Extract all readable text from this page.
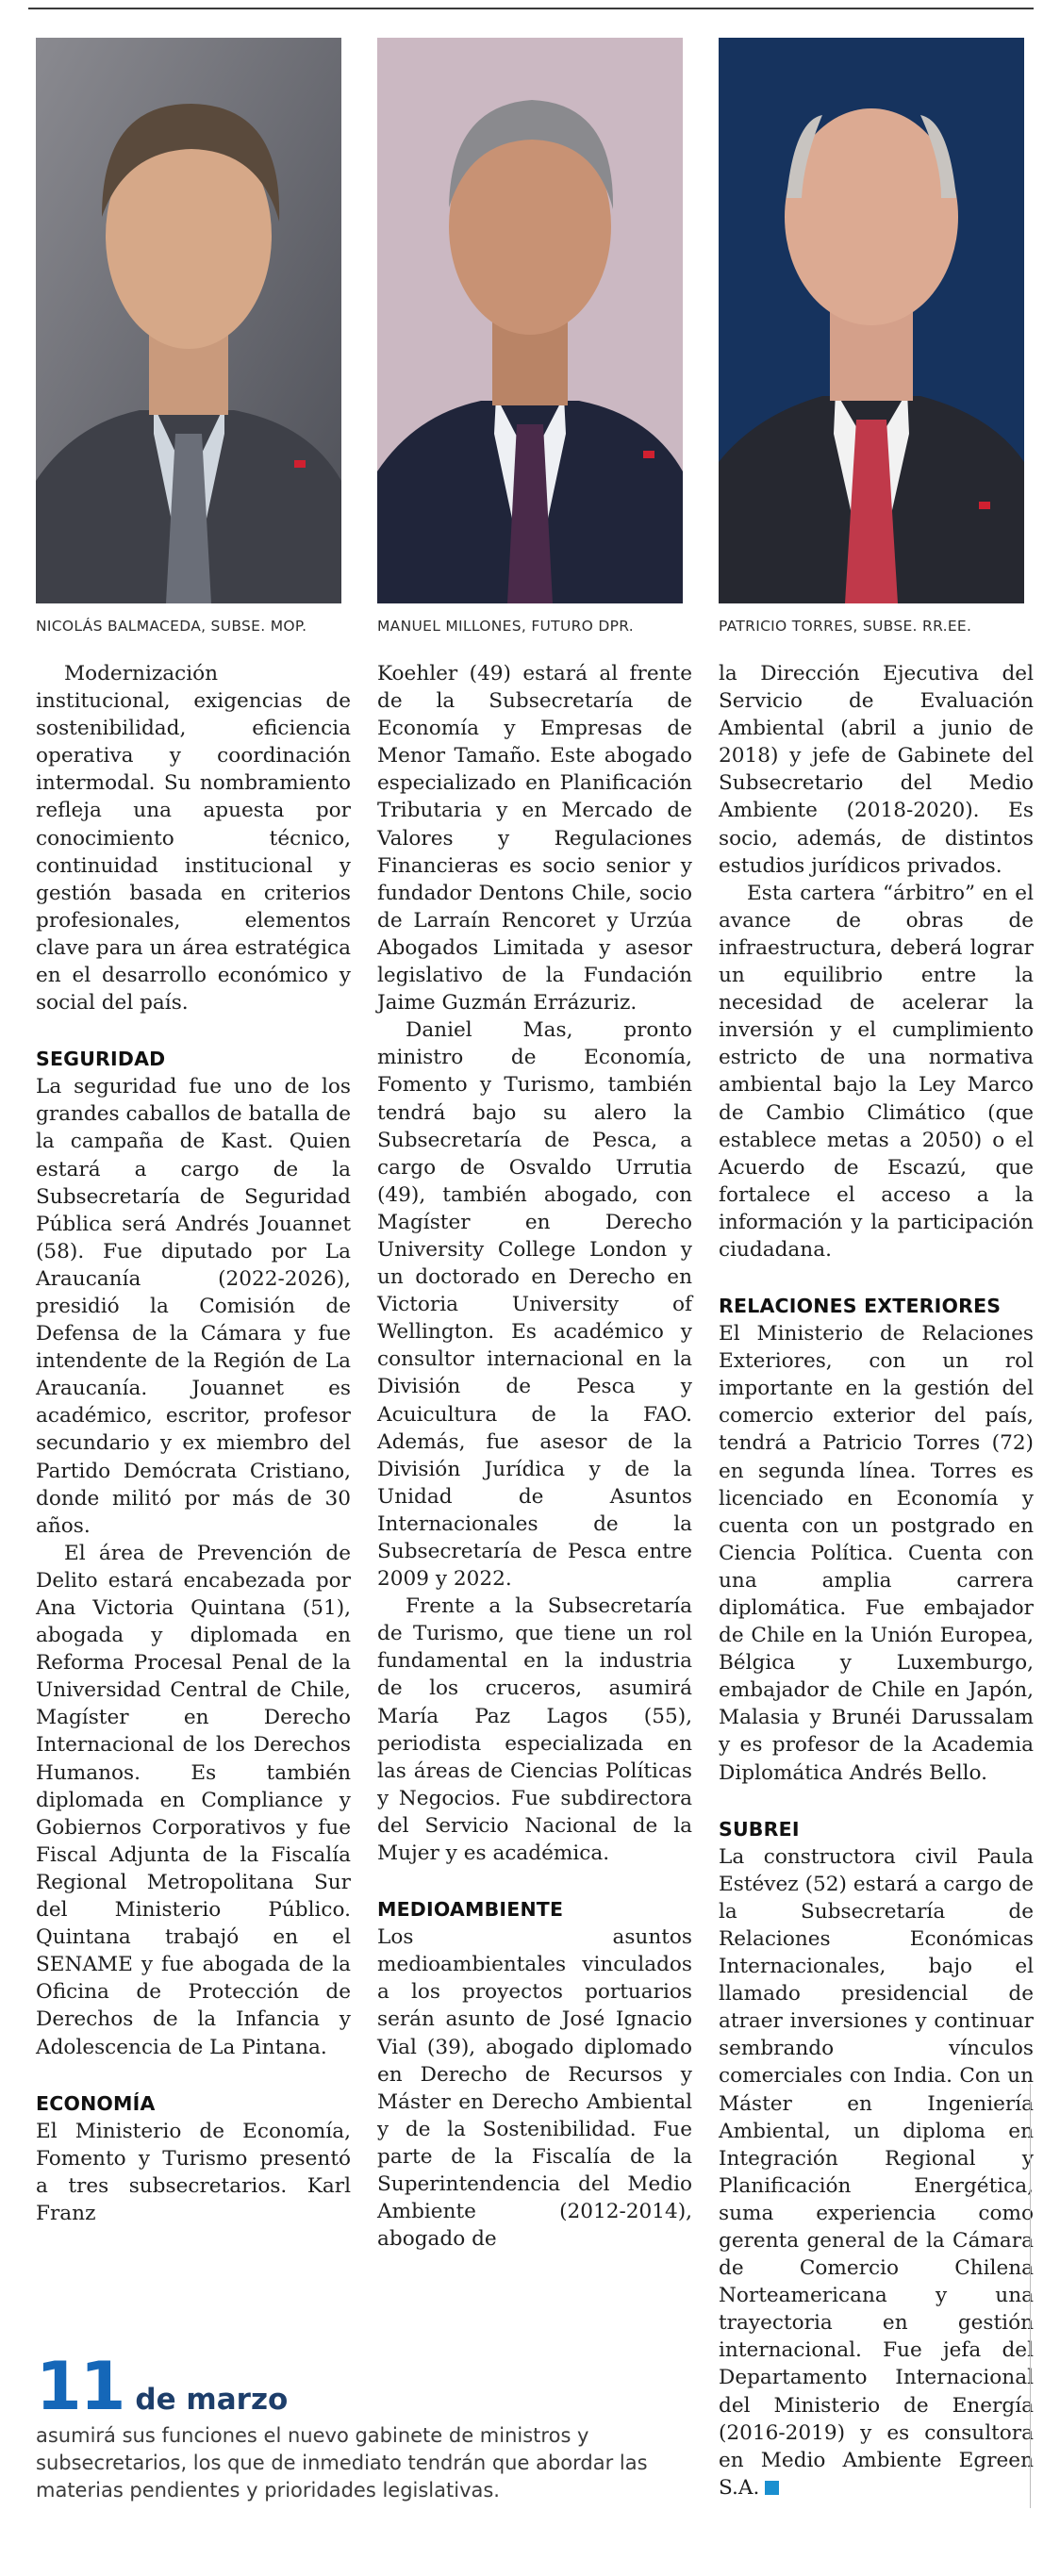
NICOLÁS BALMACEDA, SUBSE. MOP.	MANUEL MILLONES, FUTURO DPR.	PATRICIO TORRES, SUBSE. RR.EE.

Modernización institucional, exigencias de sostenibilidad, eficiencia operativa y coordinación intermodal. Su nombramiento refleja una apuesta por conocimiento técnico, continuidad institucional y gestión basada en criterios profesionales, elementos clave para un área estratégica en el desarrollo económico y social del país.

SEGURIDAD

La seguridad fue uno de los grandes caballos de batalla de la campaña de Kast. Quien estará a cargo de la Subsecretaría de Seguridad Pública será Andrés Jouannet (58). Fue diputado por La Araucanía (2022-2026), presidió la Comisión de Defensa de la Cámara y fue intendente de la Región de La Araucanía. Jouannet es académico, escritor, profesor secundario y ex miembro del Partido Demócrata Cristiano, donde militó por más de 30 años.

El área de Prevención de Delito estará encabezada por Ana Victoria Quintana (51), abogada y diplomada en Reforma Procesal Penal de la Universidad Central de Chile, Magíster en Derecho Internacional de los Derechos Humanos. Es también diplomada en Compliance y Gobiernos Corporativos y fue Fiscal Adjunta de la Fiscalía Regional Metropolitana Sur del Ministerio Público. Quintana trabajó en el SENAME y fue abogada de la Oficina de Protección de Derechos de la Infancia y Adolescencia de La Pintana.

ECONOMÍA

El Ministerio de Economía, Fomento y Turismo presentó a tres subsecretarios. Karl Franz

Koehler (49) estará al frente de la Subsecretaría de Economía y Empresas de Menor Tamaño. Este abogado especializado en Planificación Tributaria y en Mercado de Valores y Regulaciones Financieras es socio senior y fundador Dentons Chile, socio de Larraín Rencoret y Urzúa Abogados Limitada y asesor legislativo de la Fundación Jaime Guzmán Errázuriz.

Daniel Mas, pronto ministro de Economía, Fomento y Turismo, también tendrá bajo su alero la Subsecretaría de Pesca, a cargo de Osvaldo Urrutia (49), también abogado, con Magíster en Derecho University College London y un doctorado en Derecho en Victoria University of Wellington. Es académico y consultor internacional en la División de Pesca y Acuicultura de la FAO. Además, fue asesor de la División Jurídica y de la Unidad de Asuntos Internacionales de la Subsecretaría de Pesca entre 2009 y 2022.

Frente a la Subsecretaría de Turismo, que tiene un rol fundamental en la industria de los cruceros, asumirá María Paz Lagos (55), periodista especializada en las áreas de Ciencias Políticas y Negocios. Fue subdirectora del Servicio Nacional de la Mujer y es académica.

MEDIOAMBIENTE

Los asuntos medioambientales vinculados a los proyectos portuarios serán asunto de José Ignacio Vial (39), abogado diplomado en Derecho de Recursos y Máster en Derecho Ambiental y de la Sostenibilidad. Fue parte de la Fiscalía de la Superintendencia del Medio Ambiente (2012-2014), abogado de

la Dirección Ejecutiva del Servicio de Evaluación Ambiental (abril a junio de 2018) y jefe de Gabinete del Subsecretario del Medio Ambiente (2018-2020). Es socio, además, de distintos estudios jurídicos privados.

Esta cartera “árbitro” en el avance de obras de infraestructura, deberá lograr un equilibrio entre la necesidad de acelerar la inversión y el cumplimiento estricto de una normativa ambiental bajo la Ley Marco de Cambio Climático (que establece metas a 2050) o el Acuerdo de Escazú, que fortalece el acceso a la información y la participación ciudadana.

RELACIONES EXTERIORES

El Ministerio de Relaciones Exteriores, con un rol importante en la gestión del comercio exterior del país, tendrá a Patricio Torres (72) en segunda línea. Torres es licenciado en Economía y cuenta con un postgrado en Ciencia Política. Cuenta con una amplia carrera diplomática. Fue embajador de Chile en la Unión Europea, Bélgica y Luxemburgo, embajador de Chile en Japón, Malasia y Brunéi Darussalam y es profesor de la Academia Diplomática Andrés Bello.

SUBREI

La constructora civil Paula Estévez (52) estará a cargo de la Subsecretaría de Relaciones Económicas Internacionales, bajo el llamado presidencial de atraer inversiones y continuar sembrando vínculos comerciales con India. Con un Máster en Ingeniería Ambiental, un diploma en Integración Regional y Planificación Energética, suma experiencia como gerenta general de la Cámara de Comercio Chilena Norteamericana y una trayectoria en gestión internacional. Fue jefa del Departamento Internacional del Ministerio de Energía (2016-2019) y es consultora en Medio Ambiente Egreen S.A.

11 de marzo
asumirá sus funciones el nuevo gabinete de ministros y subsecretarios, los que de inmediato tendrán que abordar las materias pendientes y prioridades legislativas.
